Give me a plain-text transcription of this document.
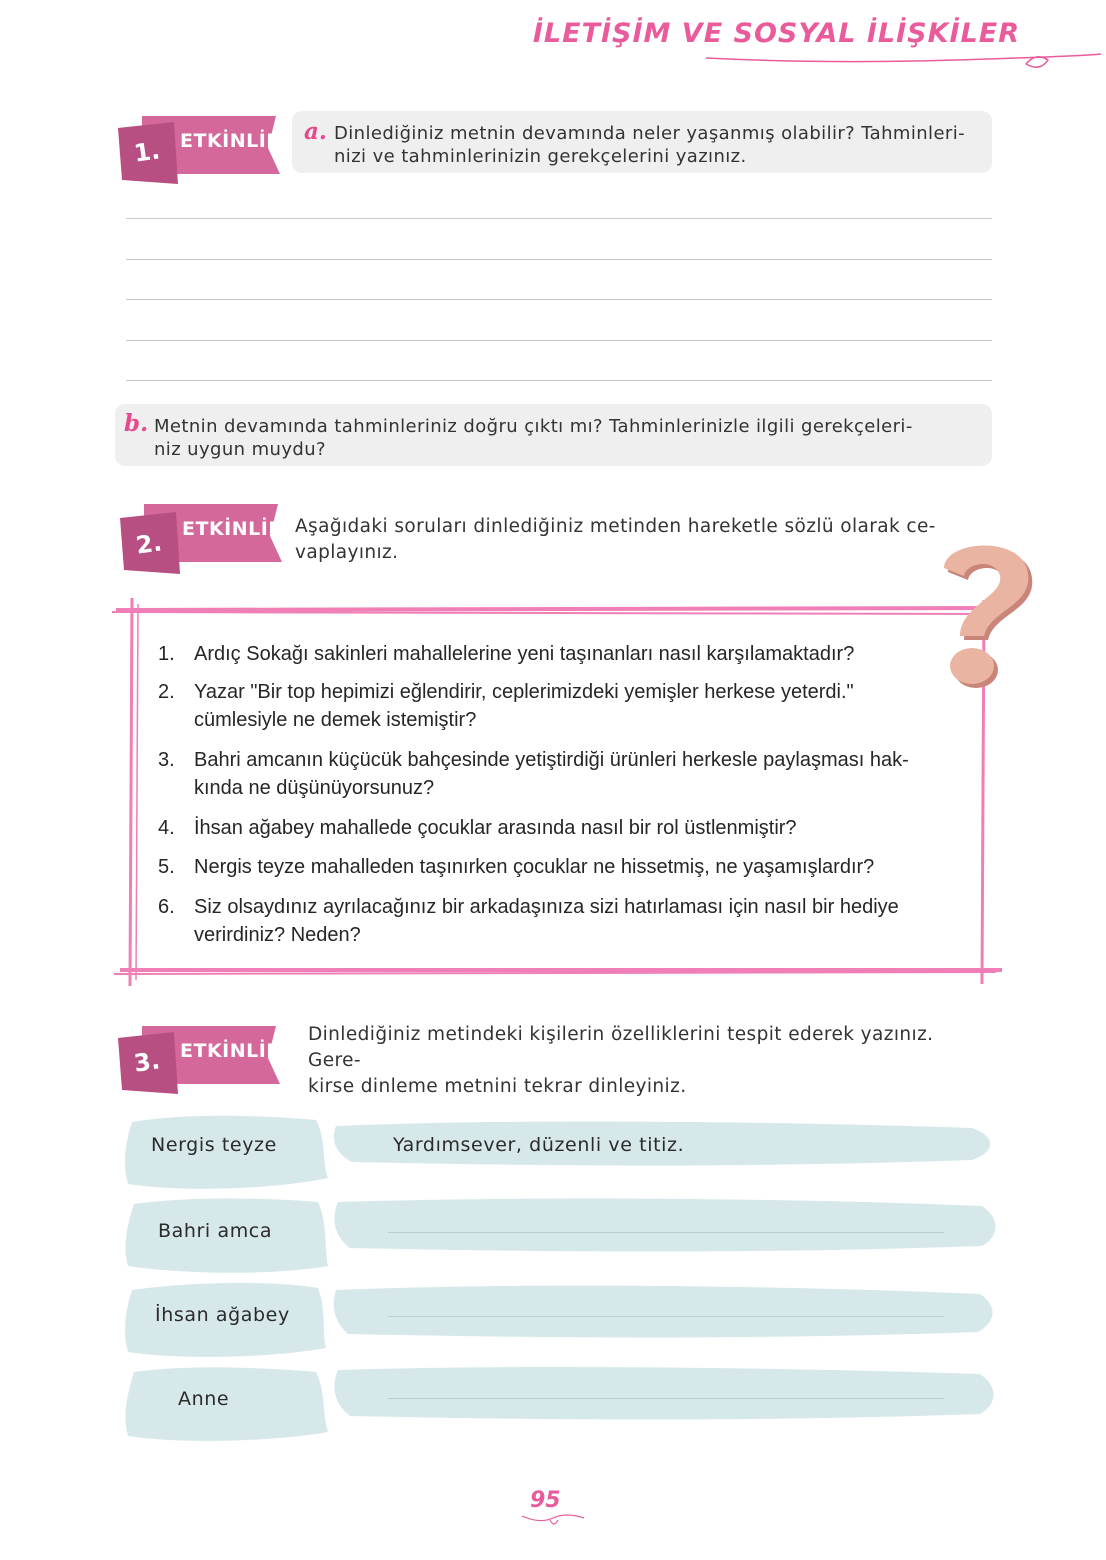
İLETİŞİM VE SOSYAL İLİŞKİLER
1. ETKİNLİK a. Dinlediğiniz metnin devamında neler yaşanmış olabilir? Tahminleri-
nizi ve tahminlerinizin gerekçelerini yazınız.
b. Metnin devamında tahminleriniz doğru çıktı mı? Tahminlerinizle ilgili gerekçeleri-
niz uygun muydu?
2. ETKİNLİK Aşağıdaki soruları dinlediğiniz metinden hareketle sözlü olarak ce-
vaplayınız.
1. Ardıç Sokağı sakinleri mahallelerine yeni taşınanları nasıl karşılamaktadır?
2. Yazar "Bir top hepimizi eğlendirir, ceplerimizdeki yemişler herkese yeterdi."
cümlesiyle ne demek istemiştir?
3. Bahri amcanın küçücük bahçesinde yetiştirdiği ürünleri herkesle paylaşması hak-
kında ne düşünüyorsunuz?
4. İhsan ağabey mahallede çocuklar arasında nasıl bir rol üstlenmiştir?
5. Nergis teyze mahalleden taşınırken çocuklar ne hissetmiş, ne yaşamışlardır?
6. Siz olsaydınız ayrılacağınız bir arkadaşınıza sizi hatırlaması için nasıl bir hediye
verirdiniz? Neden?
3. ETKİNLİK
Dinlediğiniz metindeki kişilerin özelliklerini tespit ederek yazınız. Gere-
kirse dinleme metnini tekrar dinleyiniz.
Nergis teyze	Yardımsever, düzenli ve titiz.
Bahri amca
İhsan ağabey
Anne
95
